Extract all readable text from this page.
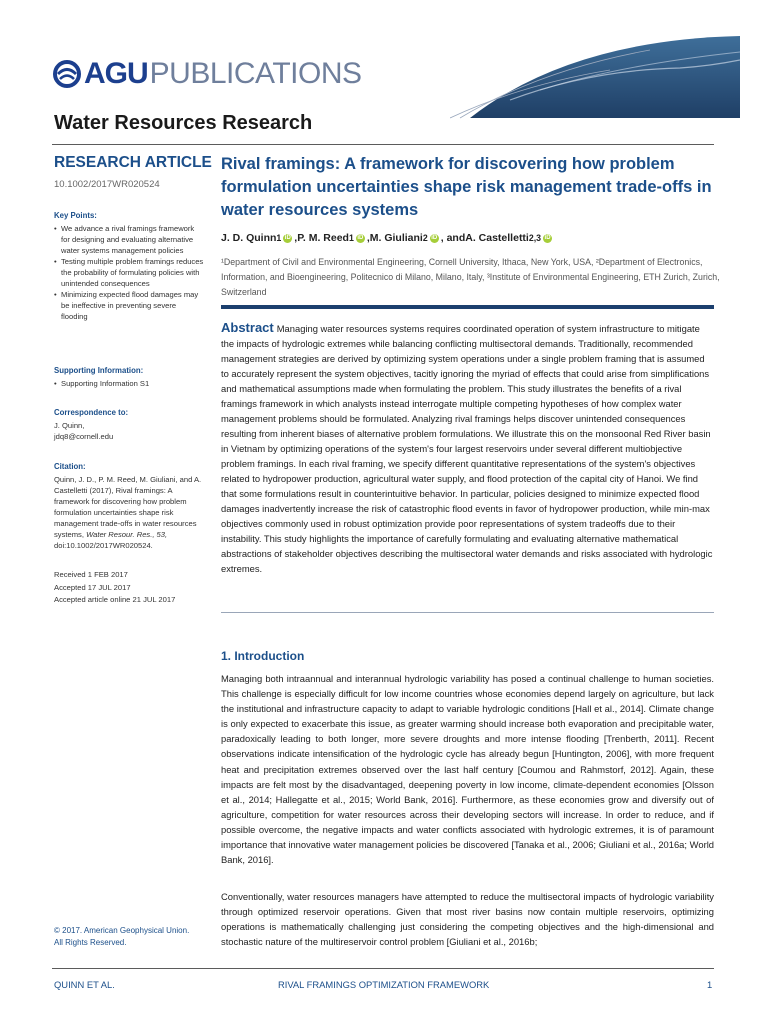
AGU PUBLICATIONS
Water Resources Research
RESEARCH ARTICLE
10.1002/2017WR020524
Key Points:

• We advance a rival framings framework for designing and evaluating alternative water systems management policies

• Testing multiple problem framings reduces the probability of formulating policies with unintended consequences

• Minimizing expected flood damages may be ineffective in preventing severe flooding

Supporting Information:

• Supporting Information S1

Correspondence to:
J. Quinn,
jdq8@cornell.edu
Citation:
Quinn, J. D., P. M. Reed, M. Giuliani, and A. Castelletti (2017), Rival framings: A framework for discovering how problem formulation uncertainties shape risk management trade-offs in water resources systems, Water Resour. Res., 53, doi:10.1002/2017WR020524.
Received 1 FEB 2017
Accepted 17 JUL 2017
Accepted article online 21 JUL 2017
© 2017. American Geophysical Union.
All Rights Reserved.
Rival framings: A framework for discovering how problem formulation uncertainties shape risk management trade-offs in water resources systems
J. D. Quinn 1 iD , P. M. Reed 1 iD , M. Giuliani 2 iD , and A. Castelletti 2,3 iD
¹Department of Civil and Environmental Engineering, Cornell University, Ithaca, New York, USA, ²Department of Electronics, Information, and Bioengineering, Politecnico di Milano, Milano, Italy, ³Institute of Environmental Engineering, ETH Zurich, Zurich, Switzerland
Abstract Managing water resources systems requires coordinated operation of system infrastructure to mitigate the impacts of hydrologic extremes while balancing conflicting multisectoral demands. Traditionally, recommended management strategies are derived by optimizing system operations under a single problem framing that is assumed to accurately represent the system objectives, tacitly ignoring the myriad of effects that could arise from simplifications and mathematical assumptions made when formulating the problem. This study illustrates the benefits of a rival framings framework in which analysts instead interrogate multiple competing hypotheses of how complex water management problems should be formulated. Analyzing rival framings helps discover unintended consequences resulting from inherent biases of alternative problem formulations. We illustrate this on the monsoonal Red River basin in Vietnam by optimizing operations of the system's four largest reservoirs under several different multiobjective problem framings. In each rival framing, we specify different quantitative representations of the system's objectives related to hydropower production, agricultural water supply, and flood protection of the capital city of Hanoi. We find that some formulations result in counterintuitive behavior. In particular, policies designed to minimize expected flood damages inadvertently increase the risk of catastrophic flood events in favor of hydropower production, while min-max objectives commonly used in robust optimization provide poor representations of system tradeoffs due to their instability. This study highlights the importance of carefully formulating and evaluating alternative mathematical abstractions of stakeholder objectives describing the multisectoral water demands and risks associated with hydrologic extremes.
1. Introduction
Managing both intraannual and interannual hydrologic variability has posed a continual challenge to human societies. This challenge is especially difficult for low income countries whose economies depend largely on agriculture, but lack the institutional and infrastructure capacity to adapt to variable hydrologic conditions [Hall et al., 2014]. Climate change is only expected to exacerbate this issue, as greater warming should increase both evaporation and precipitable water, paradoxically leading to both longer, more severe droughts and more intense flooding [Trenberth, 2011]. Recent observations indicate intensification of the hydrologic cycle has already begun [Huntington, 2006], with more frequent heat and precipitation extremes observed over the last half century [Coumou and Rahmstorf, 2012]. Again, these impacts are felt most by the disadvantaged, deepening poverty in low income, climate-dependent economies [Olsson et al., 2014; Hallegatte et al., 2015; World Bank, 2016]. Furthermore, as these economies grow and diversify out of agriculture, competition for water resources across their developing sectors will increase. In order to reduce, and if possible overcome, the negative impacts and water conflicts associated with hydrologic extremes, it is of paramount importance that innovative water management policies be discovered [Tanaka et al., 2006; Giuliani et al., 2016a; World Bank, 2016].
Conventionally, water resources managers have attempted to reduce the multisectoral impacts of hydrologic variability through optimized reservoir operations. Given that most river basins now contain multiple reservoirs, optimizing operations is mathematically challenging just considering the competing objectives and the high-dimensional and stochastic nature of the multireservoir control problem [Giuliani et al., 2016b;
QUINN ET AL.	RIVAL FRAMINGS OPTIMIZATION FRAMEWORK	1
